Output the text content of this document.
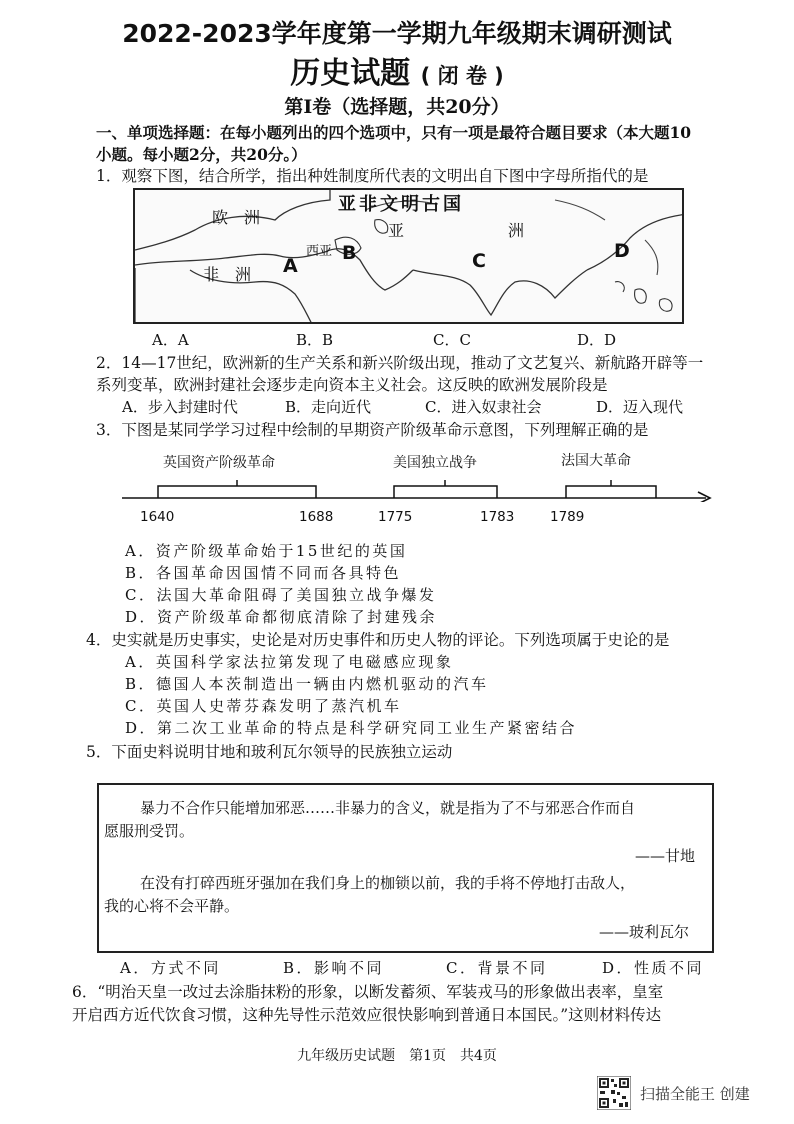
2022-2023学年度第一学期九年级期末调研测试
历史试题 ( 闭 卷 )
第Ⅰ卷（选择题，共20分）
一、单项选择题：在每小题列出的四个选项中，只有一项是最符合题目要求（本大题10
小题。每小题2分，共20分。）
1．观察下图，结合所学，指出种姓制度所代表的文明出自下图中字母所指代的是
亚非文明古国
欧　洲
非　洲
亚	洲
西亚
A
B	C	D
A．A	B．B	C．C	D．D
2．14—17世纪，欧洲新的生产关系和新兴阶级出现，推动了文艺复兴、新航路开辟等一
系列变革，欧洲封建社会逐步走向资本主义社会。这反映的欧洲发展阶段是
A．步入封建时代	B．走向近代	C．进入奴隶社会	D．迈入现代
3．下图是某同学学习过程中绘制的早期资产阶级革命示意图，下列理解正确的是
英国资产阶级革命	美国独立战争	法国大革命
1640	1688	1775	1783	1789
A．资产阶级革命始于15世纪的英国
B．各国革命因国情不同而各具特色
C．法国大革命阻碍了美国独立战争爆发
D．资产阶级革命都彻底清除了封建残余
4．史实就是历史事实，史论是对历史事件和历史人物的评论。下列选项属于史论的是
A．英国科学家法拉第发现了电磁感应现象
B．德国人本茨制造出一辆由内燃机驱动的汽车
C．英国人史蒂芬森发明了蒸汽机车
D．第二次工业革命的特点是科学研究同工业生产紧密结合
5．下面史料说明甘地和玻利瓦尔领导的民族独立运动
暴力不合作只能增加邪恶……非暴力的含义，就是指为了不与邪恶合作而自
愿服刑受罚。
——甘地
在没有打碎西班牙强加在我们身上的枷锁以前，我的手将不停地打击敌人，
我的心将不会平静。
——玻利瓦尔
A．方式不同	B．影响不同	C．背景不同	D．性质不同
6．“明治天皇一改过去涂脂抹粉的形象，以断发蓄须、军装戎马的形象做出表率，皇室
开启西方近代饮食习惯，这种先导性示范效应很快影响到普通日本国民。”这则材料传达
九年级历史试题　第1页　共4页
扫描全能王 创建
